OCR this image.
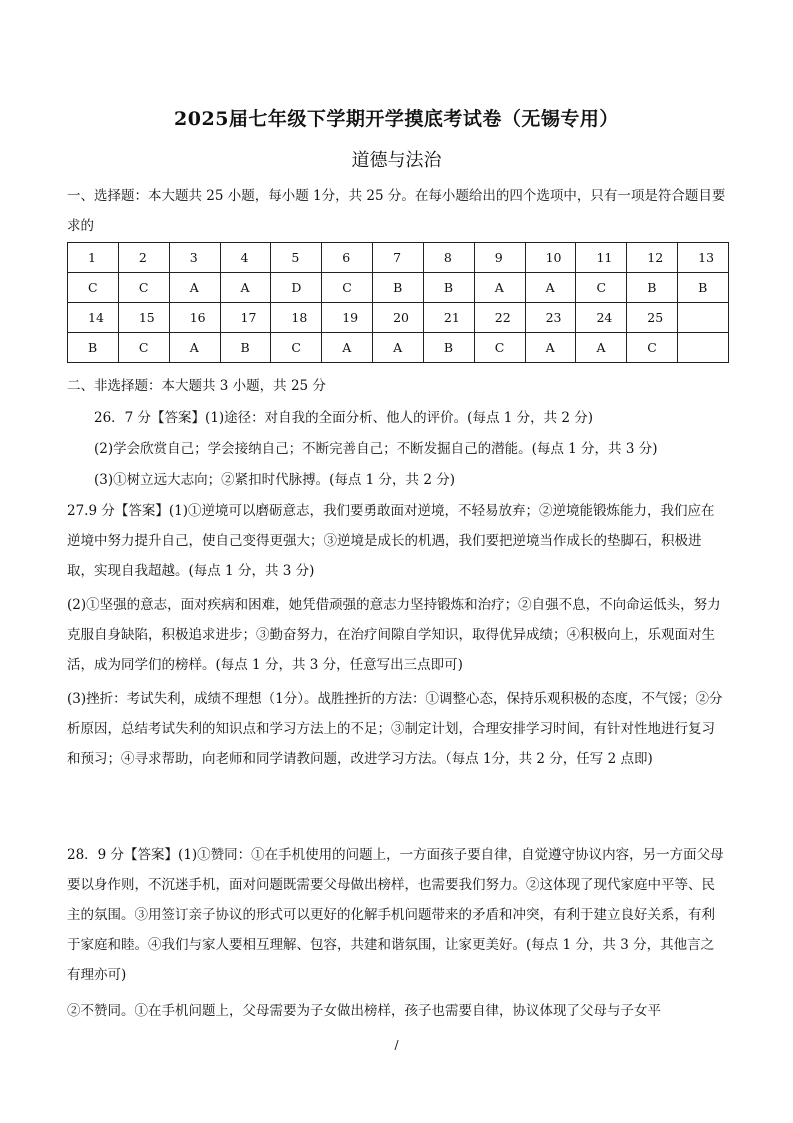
2025届七年级下学期开学摸底考试卷（无锡专用）
道德与法治
一、选择题：本大题共 25 小题，每小题 1分，共 25 分。在每小题给出的四个选项中，只有一项是符合题目要求的
1	2	3	4	5	6	7	8	9	10	11	12	13
C	C	A	A	D	C	B	B	A	A	C	B	B
14	15	16	17	18	19	20	21	22	23	24	25	
B	C	A	B	C	A	A	B	C	A	A	C	
二、非选择题：本大题共 3 小题，共 25 分
26．7 分【答案】(1)途径：对自我的全面分析、他人的评价。(每点 1 分，共 2 分)
(2)学会欣赏自己；学会接纳自己；不断完善自己；不断发掘自己的潜能。(每点 1 分，共 3 分)
(3)①树立远大志向；②紧扣时代脉搏。(每点 1 分，共 2 分)
27.9 分【答案】(1)①逆境可以磨砺意志，我们要勇敢面对逆境，不轻易放弃；②逆境能锻炼能力，我们应在逆境中努力提升自己，使自己变得更强大；③逆境是成长的机遇，我们要把逆境当作成长的垫脚石，积极进取，实现自我超越。(每点 1 分，共 3 分)
(2)①坚强的意志，面对疾病和困难，她凭借顽强的意志力坚持锻炼和治疗；②自强不息，不向命运低头，努力克服自身缺陷，积极追求进步；③勤奋努力，在治疗间隙自学知识，取得优异成绩；④积极向上，乐观面对生活，成为同学们的榜样。(每点 1 分，共 3 分，任意写出三点即可)
(3)挫折：考试失利，成绩不理想（1分）。战胜挫折的方法：①调整心态，保持乐观积极的态度，不气馁；②分析原因，总结考试失利的知识点和学习方法上的不足；③制定计划，合理安排学习时间，有针对性地进行复习和预习；④寻求帮助，向老师和同学请教问题，改进学习方法。（每点 1分，共 2 分，任写 2 点即)
28．9 分【答案】(1)①赞同：①在手机使用的问题上，一方面孩子要自律，自觉遵守协议内容，另一方面父母要以身作则，不沉迷手机，面对问题既需要父母做出榜样，也需要我们努力。②这体现了现代家庭中平等、民主的氛围。③用签订亲子协议的形式可以更好的化解手机问题带来的矛盾和冲突，有利于建立良好关系，有利于家庭和睦。④我们与家人要相互理解、包容，共建和谐氛围，让家更美好。(每点 1 分，共 3 分，其他言之有理亦可)
②不赞同。①在手机问题上，父母需要为子女做出榜样，孩子也需要自律，协议体现了父母与子女平
/
